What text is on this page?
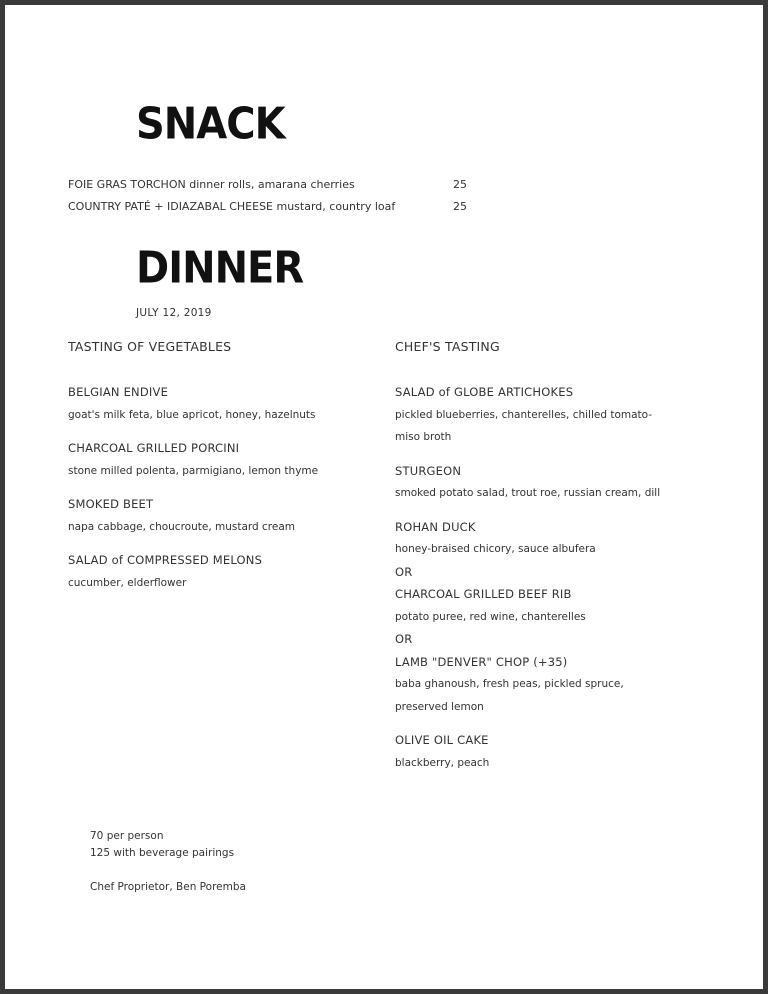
SNACK
FOIE GRAS TORCHON dinner rolls, amarana cherries	25
COUNTRY PATÉ + IDIAZABAL CHEESE mustard, country loaf	25
DINNER
JULY 12, 2019
TASTING OF VEGETABLES	CHEF'S TASTING

BELGIAN ENDIVE

goat's milk feta, blue apricot, honey, hazelnuts

CHARCOAL GRILLED PORCINI

stone milled polenta, parmigiano, lemon thyme

SMOKED BEET

napa cabbage, choucroute, mustard cream

SALAD of COMPRESSED MELONS

cucumber, elderflower

SALAD of GLOBE ARTICHOKES

pickled blueberries, chanterelles, chilled tomato-

miso broth

STURGEON

smoked potato salad, trout roe, russian cream, dill

ROHAN DUCK

honey-braised chicory, sauce albufera

OR

CHARCOAL GRILLED BEEF RIB

potato puree, red wine, chanterelles

OR

LAMB "DENVER" CHOP (+35)

baba ghanoush, fresh peas, pickled spruce,

preserved lemon

OLIVE OIL CAKE

blackberry, peach

70 per person
125 with beverage pairings
Chef Proprietor, Ben Poremba
